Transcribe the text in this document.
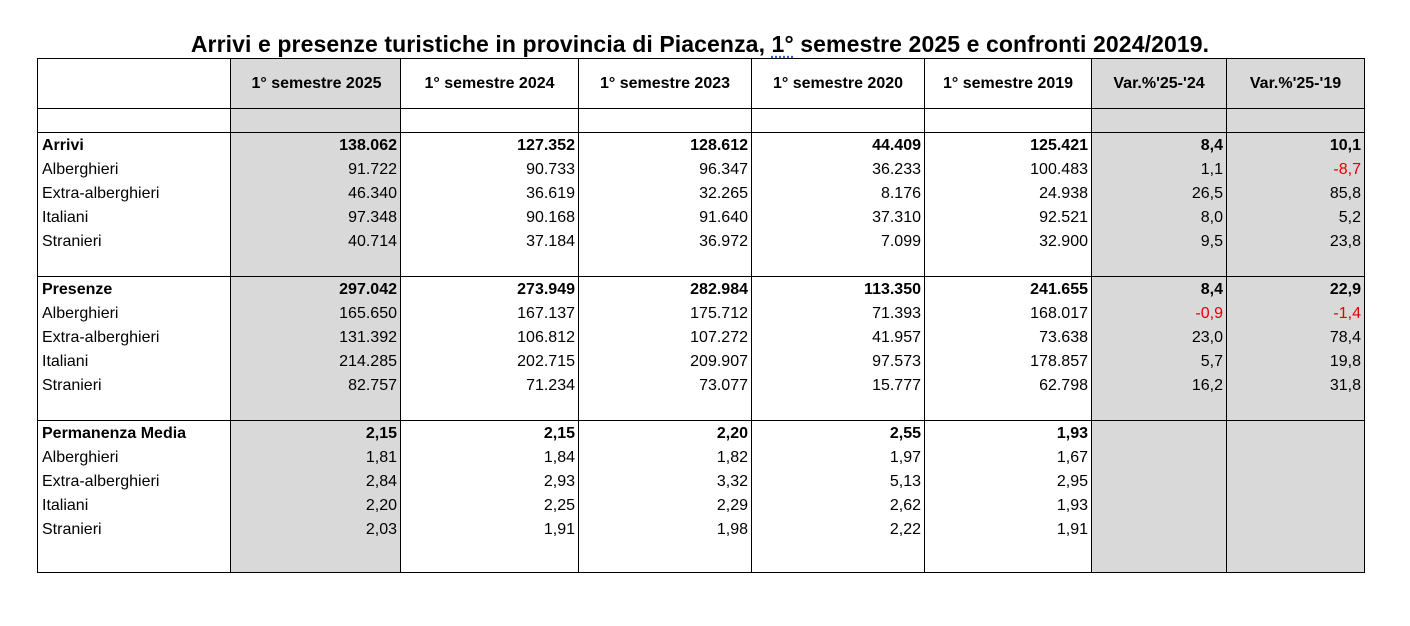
Arrivi e presenze turistiche in provincia di Piacenza, 1° semestre 2025 e confronti 2024/2019.
	1° semestre 2025	1° semestre 2024	1° semestre 2023	1° semestre 2020	1° semestre 2019	Var.%'25-'24	Var.%'25-'19

Arrivi	138.062	127.352	128.612	44.409	125.421	8,4	10,1
Alberghieri	91.722	90.733	96.347	36.233	100.483	1,1	-8,7
Extra-alberghieri	46.340	36.619	32.265	8.176	24.938	26,5	85,8
Italiani	97.348	90.168	91.640	37.310	92.521	8,0	5,2
Stranieri	40.714	37.184	36.972	7.099	32.900	9,5	23,8

Presenze	297.042	273.949	282.984	113.350	241.655	8,4	22,9
Alberghieri	165.650	167.137	175.712	71.393	168.017	-0,9	-1,4
Extra-alberghieri	131.392	106.812	107.272	41.957	73.638	23,0	78,4
Italiani	214.285	202.715	209.907	97.573	178.857	5,7	19,8
Stranieri	82.757	71.234	73.077	15.777	62.798	16,2	31,8

Permanenza Media	2,15	2,15	2,20	2,55	1,93		
Alberghieri	1,81	1,84	1,82	1,97	1,67		
Extra-alberghieri	2,84	2,93	3,32	5,13	2,95		
Italiani	2,20	2,25	2,29	2,62	1,93		
Stranieri	2,03	1,91	1,98	2,22	1,91		
